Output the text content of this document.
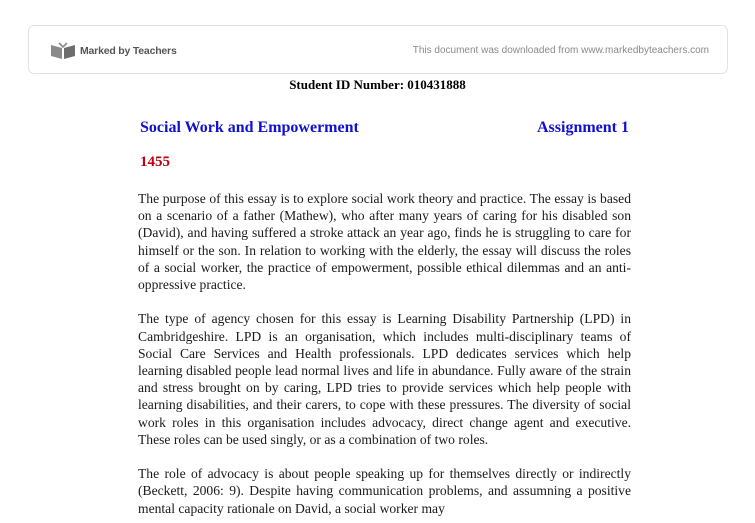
Marked by Teachers	This document was downloaded from www.markedbyteachers.com
Student ID Number: 010431888
Social Work and Empowerment	Assignment 1
1455

The purpose of this essay is to explore social work theory and practice. The essay is based on a scenario of a father (Mathew), who after many years of caring for his disabled son (David), and having suffered a stroke attack an year ago, finds he is struggling to care for himself or the son. In relation to working with the elderly, the essay will discuss the roles of a social worker, the practice of empowerment, possible ethical dilemmas and an anti-oppressive practice.

The type of agency chosen for this essay is Learning Disability Partnership (LPD) in Cambridgeshire. LPD is an organisation, which includes multi-disciplinary teams of Social Care Services and Health professionals. LPD dedicates services which help learning disabled people lead normal lives and life in abundance. Fully aware of the strain and stress brought on by caring, LPD tries to provide services which help people with learning disabilities, and their carers, to cope with these pressures. The diversity of social work roles in this organisation includes advocacy, direct change agent and executive. These roles can be used singly, or as a combination of two roles.

The role of advocacy is about people speaking up for themselves directly or indirectly (Beckett, 2006: 9). Despite having communication problems, and assumning a positive mental capacity rationale on David, a social worker may
